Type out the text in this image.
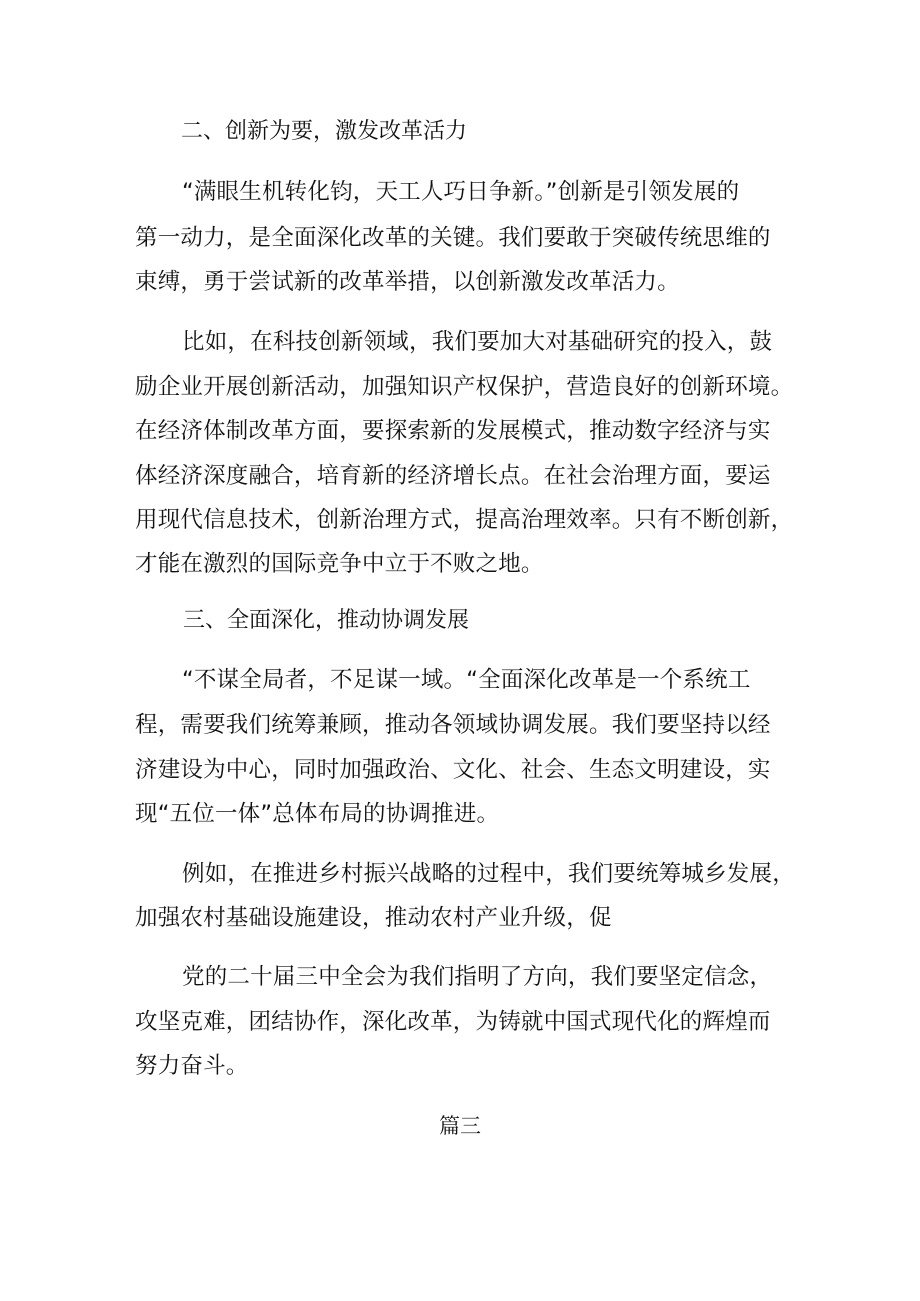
二、创新为要，激发改革活力
“满眼生机转化钧，天工人巧日争新。”创新是引领发展的
第一动力，是全面深化改革的关键。我们要敢于突破传统思维的
束缚，勇于尝试新的改革举措，以创新激发改革活力。
比如，在科技创新领域，我们要加大对基础研究的投入，鼓
励企业开展创新活动，加强知识产权保护，营造良好的创新环境。
在经济体制改革方面，要探索新的发展模式，推动数字经济与实
体经济深度融合，培育新的经济增长点。在社会治理方面，要运
用现代信息技术，创新治理方式，提高治理效率。只有不断创新，
才能在激烈的国际竞争中立于不败之地。
三、全面深化，推动协调发展
“不谋全局者，不足谋一域。“全面深化改革是一个系统工
程，需要我们统筹兼顾，推动各领域协调发展。我们要坚持以经
济建设为中心，同时加强政治、文化、社会、生态文明建设，实
现“五位一体”总体布局的协调推进。
例如，在推进乡村振兴战略的过程中，我们要统筹城乡发展，
加强农村基础设施建设，推动农村产业升级，促
党的二十届三中全会为我们指明了方向，我们要坚定信念，
攻坚克难，团结协作，深化改革，为铸就中国式现代化的辉煌而
努力奋斗。
篇三
